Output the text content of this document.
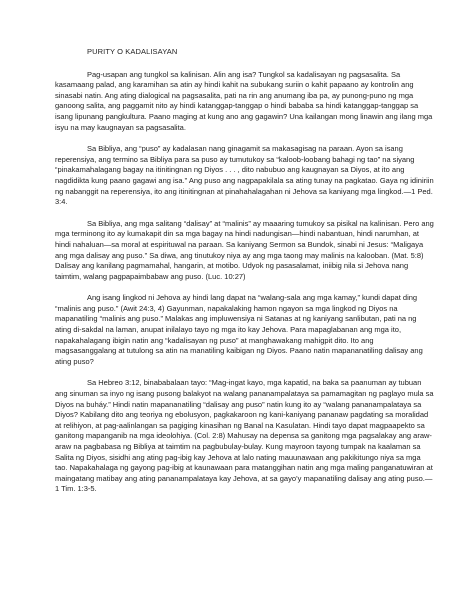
PURITY O KADALISAYAN

Pag-usapan ang tungkol sa kalinisan. Alin ang isa? Tungkol sa kadalisayan ng pagsasalita. Sa kasamaang palad, ang karamihan sa atin ay hindi kahit na subukang suriin o kahit papaano ay kontrolin ang sinasabi natin. Ang ating dialogical na pagsasalita, pati na rin ang anumang iba pa, ay punong-puno ng mga ganoong salita, ang paggamit nito ay hindi katanggap-tanggap o hindi bababa sa hindi katanggap-tanggap sa isang lipunang pangkultura. Paano maging at kung ano ang gagawin? Una kailangan mong linawin ang ilang mga isyu na may kaugnayan sa pagsasalita.

Sa Bibliya, ang “puso” ay kadalasan nang ginagamit sa makasagisag na paraan. Ayon sa isang reperensiya, ang termino sa Bibliya para sa puso ay tumutukoy sa “kaloob-loobang bahagi ng tao” na siyang “pinakamahalagang bagay na itinitingnan ng Diyos . . . , dito nabubuo ang kaugnayan sa Diyos, at ito ang nagdidikta kung paano gagawi ang isa.” Ang puso ang nagpapakilala sa ating tunay na pagkatao. Gaya ng idiniriin ng nabanggit na reperensiya, ito ang itinitingnan at pinahahalagahan ni Jehova sa kaniyang mga lingkod.—1 Ped. 3:4.

Sa Bibliya, ang mga salitang “dalisay” at “malinis” ay maaaring tumukoy sa pisikal na kalinisan. Pero ang mga terminong ito ay kumakapit din sa mga bagay na hindi nadungisan—hindi nabantuan, hindi narumhan, at hindi nahaluan—sa moral at espirituwal na paraan. Sa kaniyang Sermon sa Bundok, sinabi ni Jesus: “Maligaya ang mga dalisay ang puso.” Sa diwa, ang tinutukoy niya ay ang mga taong may malinis na kalooban. (Mat. 5:8) Dalisay ang kanilang pagmamahal, hangarin, at motibo. Udyok ng pasasalamat, iniibig nila si Jehova nang taimtim, walang pagpapaimbabaw ang puso. (Luc. 10:27)

Ang isang lingkod ni Jehova ay hindi lang dapat na “walang-sala ang mga kamay,” kundi dapat ding “malinis ang puso.” (Awit 24:3, 4) Gayunman, napakalaking hamon ngayon sa mga lingkod ng Diyos na mapanatiling “malinis ang puso.” Malakas ang impluwensiya ni Satanas at ng kaniyang sanlibutan, pati na ng ating di-sakdal na laman, anupat inilalayo tayo ng mga ito kay Jehova. Para mapaglabanan ang mga ito, napakahalagang ibigin natin ang “kadalisayan ng puso” at manghawakang mahigpit dito. Ito ang magsasanggalang at tutulong sa atin na manatiling kaibigan ng Diyos. Paano natin mapananatiling dalisay ang ating puso?

Sa Hebreo 3:12, binababalaan tayo: “Mag-ingat kayo, mga kapatid, na baka sa paanuman ay tubuan ang sinuman sa inyo ng isang pusong balakyot na walang pananampalataya sa pamamagitan ng paglayo mula sa Diyos na buháy.” Hindi natin mapananatiling “dalisay ang puso” natin kung ito ay “walang pananampalataya sa Diyos? Kabilang dito ang teoriya ng ebolusyon, pagkakaroon ng kani-kaniyang pananaw pagdating sa moralidad at relihiyon, at pag-aalinlangan sa pagiging kinasihan ng Banal na Kasulatan. Hindi tayo dapat magpaapekto sa ganitong mapanganib na mga ideolohiya. (Col. 2:8) Mahusay na depensa sa ganitong mga pagsalakay ang araw-araw na pagbabasa ng Bibliya at taimtim na pagbubulay-bulay. Kung mayroon tayong tumpak na kaalaman sa Salita ng Diyos, sisidhi ang ating pag-ibig kay Jehova at lalo nating mauunawaan ang pakikitungo niya sa mga tao. Napakahalaga ng gayong pag-ibig at kaunawaan para matanggihan natin ang mga maling panganatuwiran at maingatang matibay ang ating pananampalataya kay Jehova, at sa gayo’y mapanatiling dalisay ang ating puso.—1 Tim. 1:3-5.
